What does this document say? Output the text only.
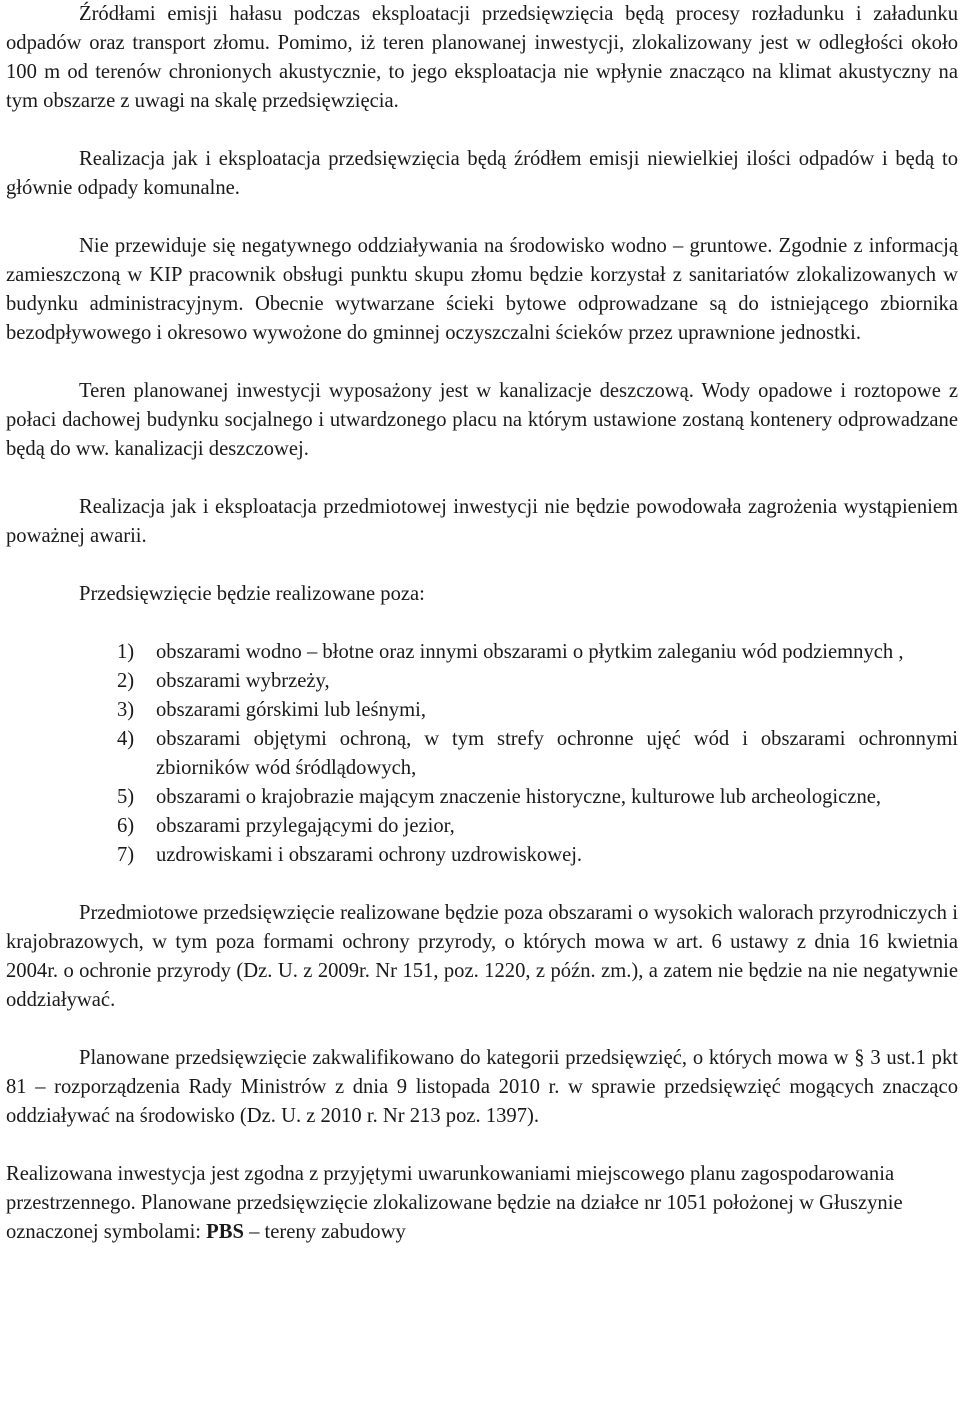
Źródłami emisji hałasu podczas eksploatacji przedsięwzięcia będą procesy rozładunku i załadunku odpadów oraz transport złomu. Pomimo, iż teren planowanej inwestycji, zlokalizowany jest w odległości około 100 m od terenów chronionych akustycznie, to jego eksploatacja nie wpłynie znacząco na klimat akustyczny na tym obszarze z uwagi na skalę przedsięwzięcia.

Realizacja jak i eksploatacja przedsięwzięcia będą źródłem emisji niewielkiej ilości odpadów i będą to głównie odpady komunalne.

Nie przewiduje się negatywnego oddziaływania na środowisko wodno – gruntowe. Zgodnie z informacją zamieszczoną w KIP pracownik obsługi punktu skupu złomu będzie korzystał z sanitariatów zlokalizowanych w budynku administracyjnym. Obecnie wytwarzane ścieki bytowe odprowadzane są do istniejącego zbiornika bezodpływowego i okresowo wywożone do gminnej oczyszczalni ścieków przez uprawnione jednostki.

Teren planowanej inwestycji wyposażony jest w kanalizacje deszczową. Wody opadowe i roztopowe z połaci dachowej budynku socjalnego i utwardzonego placu na którym ustawione zostaną kontenery odprowadzane będą do ww. kanalizacji deszczowej.

Realizacja jak i eksploatacja przedmiotowej inwestycji nie będzie powodowała zagrożenia wystąpieniem poważnej awarii.

Przedsięwzięcie będzie realizowane poza:

1) obszarami wodno – błotne oraz innymi obszarami o płytkim zaleganiu wód podziemnych ,
2) obszarami wybrzeży,
3) obszarami górskimi lub leśnymi,
4) obszarami objętymi ochroną, w tym strefy ochronne ujęć wód i obszarami ochronnymi zbiorników wód śródlądowych,
5) obszarami o krajobrazie mającym znaczenie historyczne, kulturowe lub archeologiczne,
6) obszarami przylegającymi do jezior,
7) uzdrowiskami i obszarami ochrony uzdrowiskowej.

Przedmiotowe przedsięwzięcie realizowane będzie poza obszarami o wysokich walorach przyrodniczych i krajobrazowych, w tym poza formami ochrony przyrody, o których mowa w art. 6 ustawy z dnia 16 kwietnia 2004r. o ochronie przyrody (Dz. U. z 2009r. Nr 151, poz. 1220, z późn. zm.), a zatem nie będzie na nie negatywnie oddziaływać.

Planowane przedsięwzięcie zakwalifikowano do kategorii przedsięwzięć, o których mowa w § 3 ust.1 pkt 81 – rozporządzenia Rady Ministrów z dnia 9 listopada 2010 r. w sprawie przedsięwzięć mogących znacząco oddziaływać na środowisko (Dz. U. z 2010 r. Nr 213 poz. 1397).

Realizowana inwestycja jest zgodna z przyjętymi uwarunkowaniami miejscowego planu zagospodarowania przestrzennego. Planowane przedsięwzięcie zlokalizowane będzie na działce nr 1051 położonej w Głuszynie oznaczonej symbolami: PBS – tereny zabudowy
